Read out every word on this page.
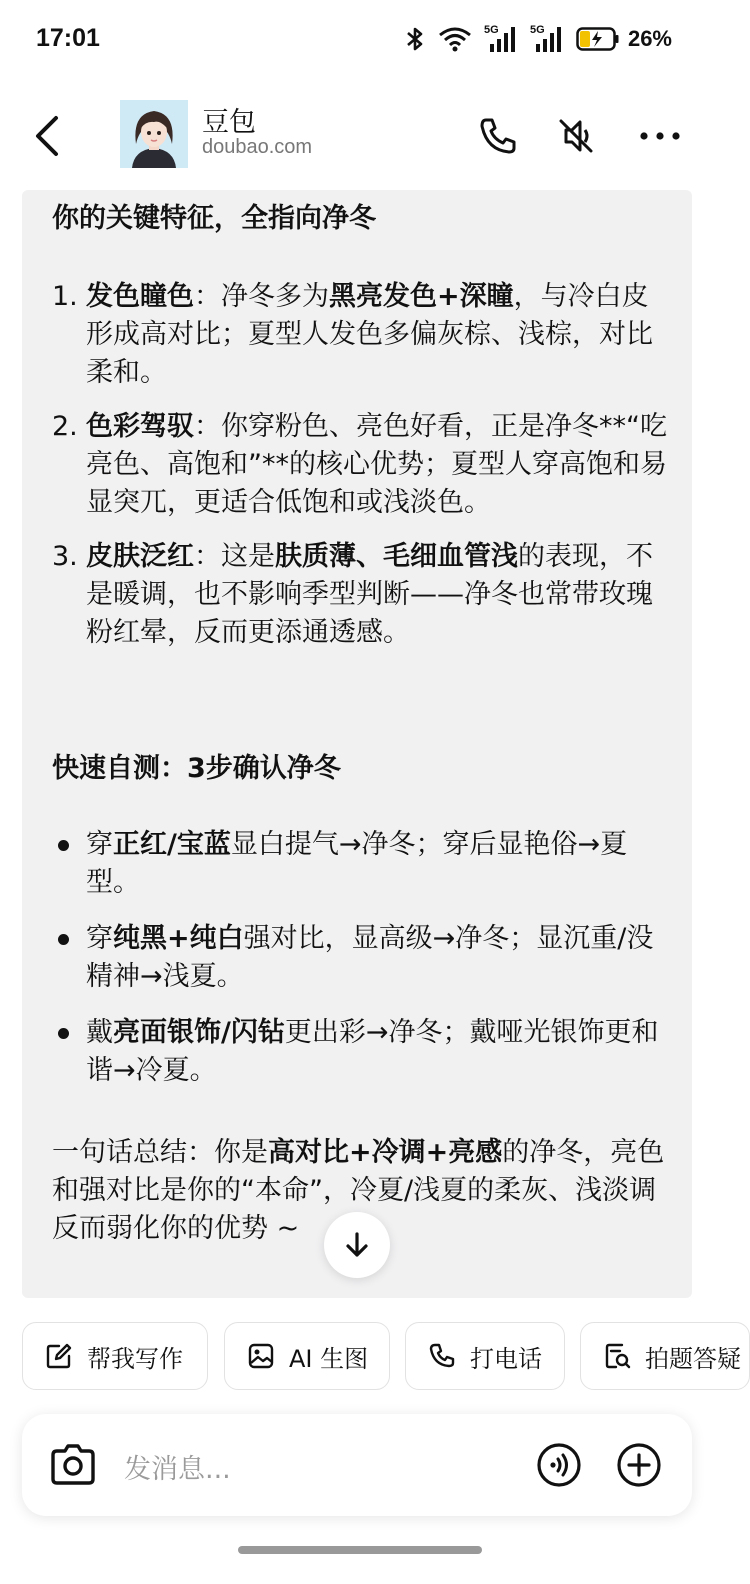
17:01	5G	5G	26%
豆包
doubao.com
你的关键特征，全指向净冬
1. 发色瞳色：净冬多为黑亮发色+深瞳，与冷白皮形成高对比；夏型人发色多偏灰棕、浅棕，对比柔和。
2. 色彩驾驭：你穿粉色、亮色好看，正是净冬**“吃亮色、高饱和”**的核心优势；夏型人穿高饱和易显突兀，更适合低饱和或浅淡色。
3. 皮肤泛红：这是肤质薄、毛细血管浅的表现，不是暖调，也不影响季型判断——净冬也常带玫瑰粉红晕，反而更添通透感。
快速自测：3步确认净冬
穿正红/宝蓝显白提气→净冬；穿后显艳俗→夏型。
穿纯黑+纯白强对比，显高级→净冬；显沉重/没精神→浅夏。
戴亮面银饰/闪钻更出彩→净冬；戴哑光银饰更和谐→冷夏。
一句话总结：你是高对比+冷调+亮感的净冬，亮色和强对比是你的“本命”，冷夏/浅夏的柔灰、浅淡调反而弱化你的优势 ~
帮我写作	AI 生图	打电话	拍题答疑
发消息...
